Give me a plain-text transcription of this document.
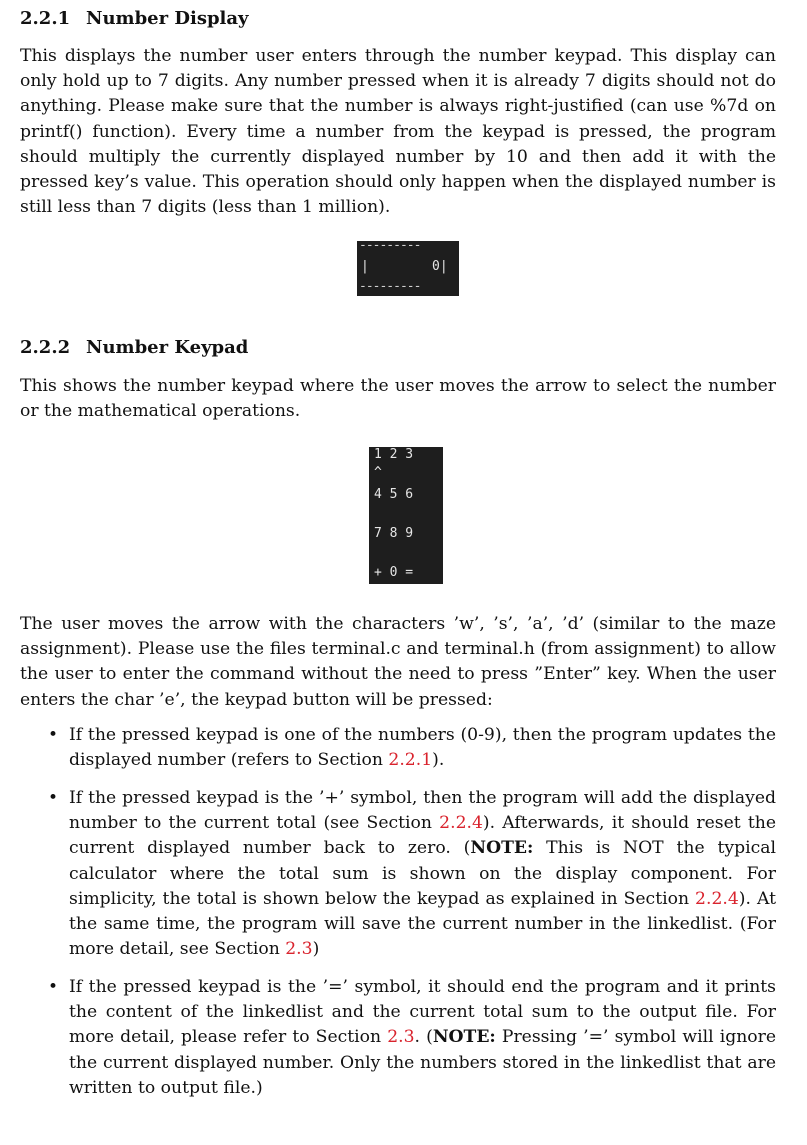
2.2.1 Number Display

This displays the number user enters through the number keypad. This display can only hold up to 7 digits. Any number pressed when it is already 7 digits should not do anything. Please make sure that the number is always right-justified (can use %7d on printf() function). Every time a number from the keypad is pressed, the program should multiply the currently displayed number by 10 and then add it with the pressed key’s value. This operation should only happen when the displayed number is still less than 7 digits (less than 1 million).

---------
|	0|
---------
2.2.2 Number Keypad

This shows the number keypad where the user moves the arrow to select the number or the mathematical operations.

1 2 3
^
4 5 6
7 8 9
+ 0 =

The user moves the arrow with the characters ’w’, ’s’, ’a’, ’d’ (similar to the maze assignment). Please use the files terminal.c and terminal.h (from assignment) to allow the user to enter the command without the need to press ”Enter” key. When the user enters the char ’e’, the keypad button will be pressed:

• If the pressed keypad is one of the numbers (0-9), then the program updates the displayed number (refers to Section 2.2.1).
• If the pressed keypad is the ’+’ symbol, then the program will add the displayed number to the current total (see Section 2.2.4). Afterwards, it should reset the current displayed number back to zero. (NOTE: This is NOT the typical calculator where the total sum is shown on the display component. For simplicity, the total is shown below the keypad as explained in Section 2.2.4). At the same time, the program will save the current number in the linkedlist. (For more detail, see Section 2.3)
• If the pressed keypad is the ’=’ symbol, it should end the program and it prints the content of the linkedlist and the current total sum to the output file. For more detail, please refer to Section 2.3. (NOTE: Pressing ’=’ symbol will ignore the current displayed number. Only the numbers stored in the linkedlist that are written to output file.)
